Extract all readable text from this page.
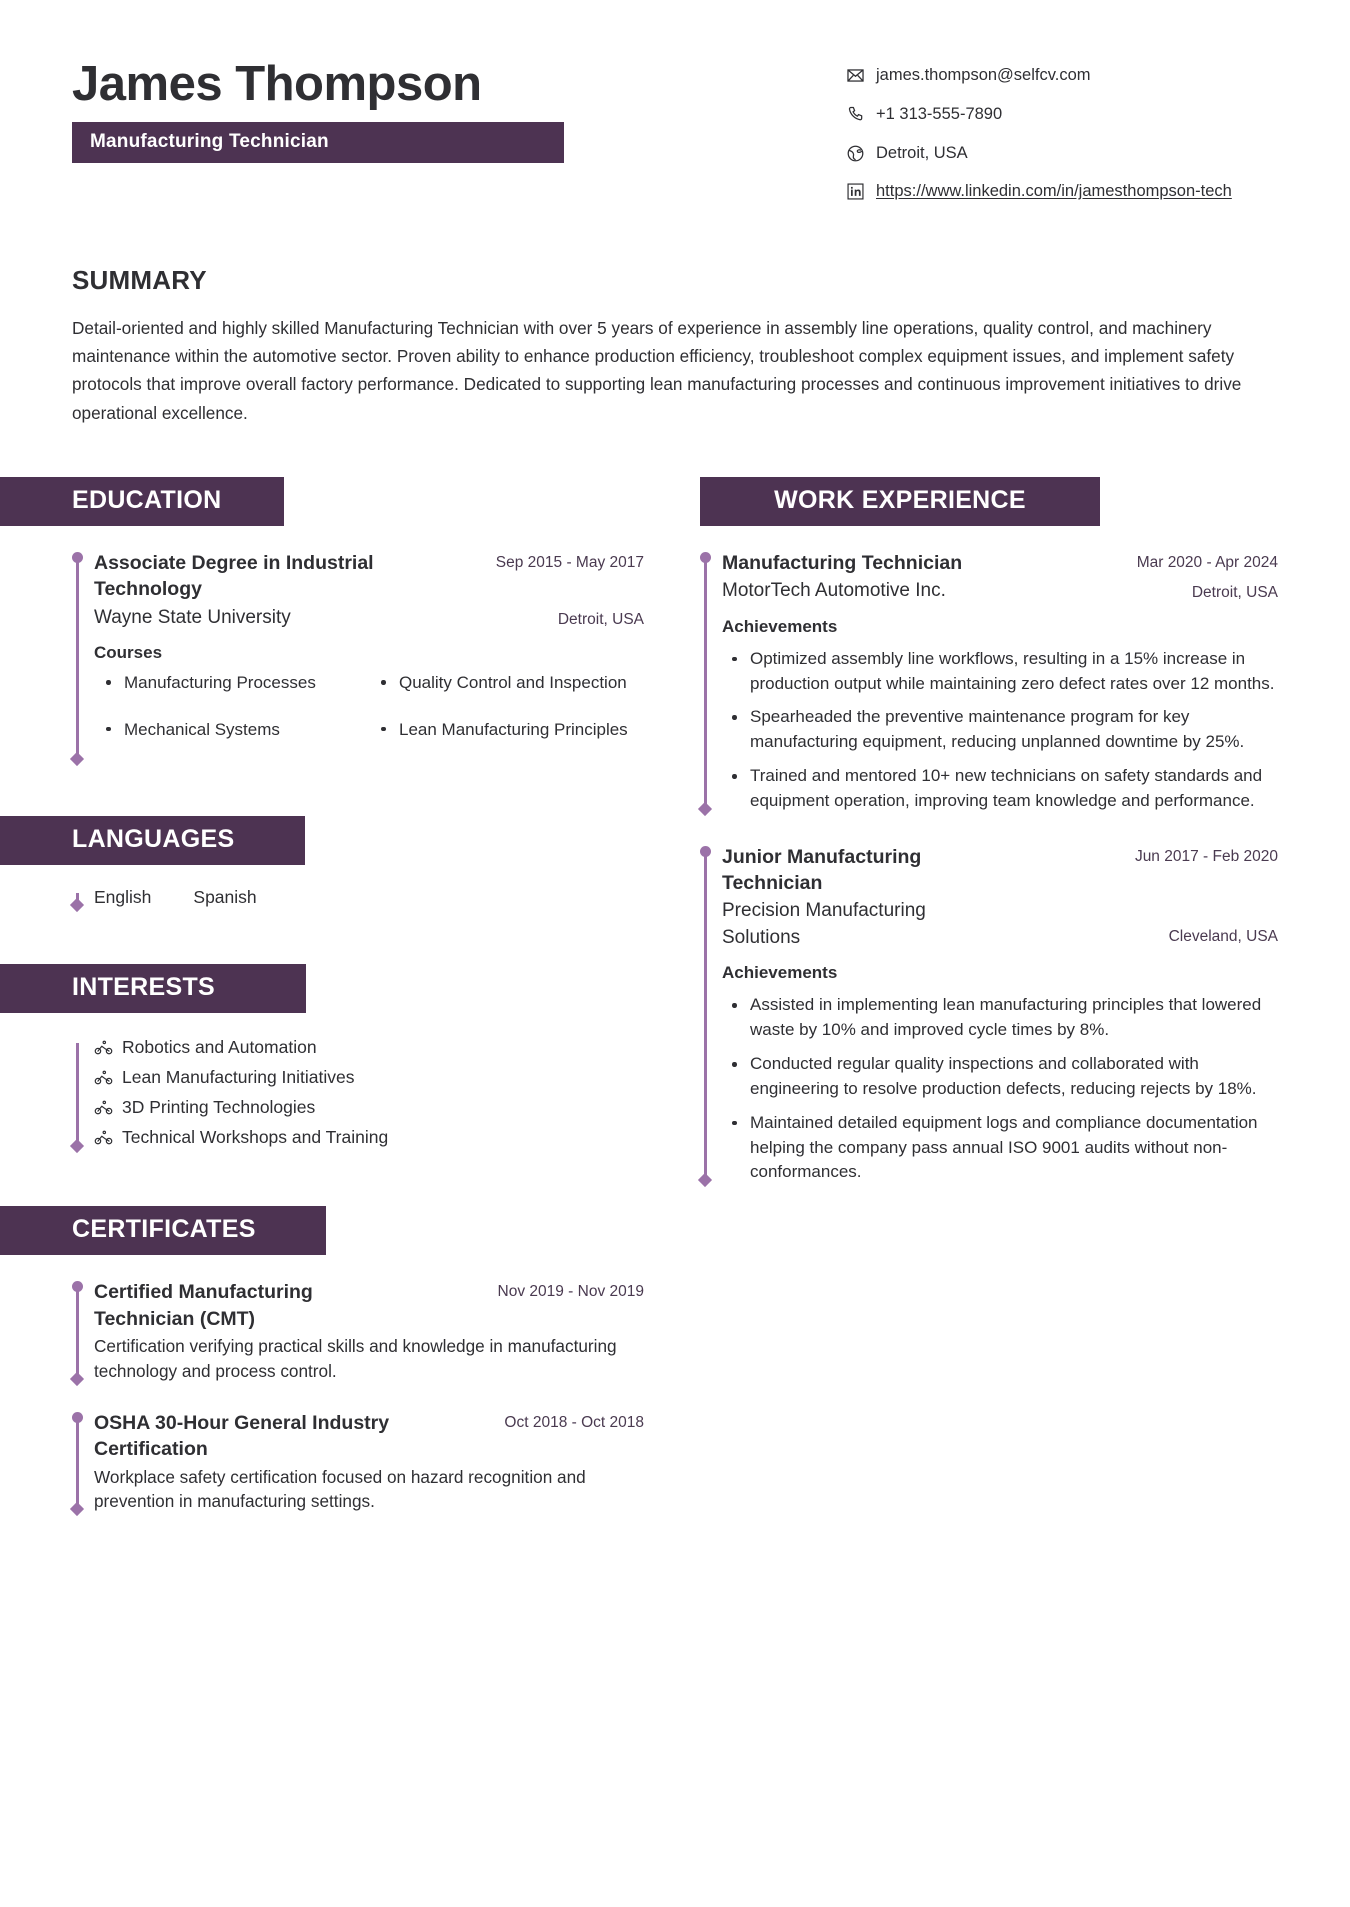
James Thompson
Manufacturing Technician
james.thompson@selfcv.com
+1 313-555-7890
Detroit, USA
https://www.linkedin.com/in/jamesthompson-tech
SUMMARY
Detail-oriented and highly skilled Manufacturing Technician with over 5 years of experience in assembly line operations, quality control, and machinery maintenance within the automotive sector. Proven ability to enhance production efficiency, troubleshoot complex equipment issues, and implement safety protocols that improve overall factory performance. Dedicated to supporting lean manufacturing processes and continuous improvement initiatives to drive operational excellence.
EDUCATION
Associate Degree in Industrial Technology
Sep 2015 - May 2017
Wayne State University	Detroit, USA
Courses
Manufacturing Processes
Mechanical Systems
Quality Control and Inspection
Lean Manufacturing Principles
LANGUAGES
English Spanish
INTERESTS
Robotics and Automation
Lean Manufacturing Initiatives
3D Printing Technologies
Technical Workshops and Training
CERTIFICATES
Certified Manufacturing Technician (CMT)
Nov 2019 - Nov 2019
Certification verifying practical skills and knowledge in manufacturing technology and process control.
OSHA 30-Hour General Industry Certification
Oct 2018 - Oct 2018
Workplace safety certification focused on hazard recognition and prevention in manufacturing settings.
WORK EXPERIENCE
Manufacturing Technician	Mar 2020 - Apr 2024
MotorTech Automotive Inc.	Detroit, USA
Achievements
Optimized assembly line workflows, resulting in a 15% increase in production output while maintaining zero defect rates over 12 months.
Spearheaded the preventive maintenance program for key manufacturing equipment, reducing unplanned downtime by 25%.
Trained and mentored 10+ new technicians on safety standards and equipment operation, improving team knowledge and performance.
Junior Manufacturing Technician
Jun 2017 - Feb 2020
Precision Manufacturing Solutions	Cleveland, USA
Achievements
Assisted in implementing lean manufacturing principles that lowered waste by 10% and improved cycle times by 8%.
Conducted regular quality inspections and collaborated with engineering to resolve production defects, reducing rejects by 18%.
Maintained detailed equipment logs and compliance documentation helping the company pass annual ISO 9001 audits without non-conformances.
